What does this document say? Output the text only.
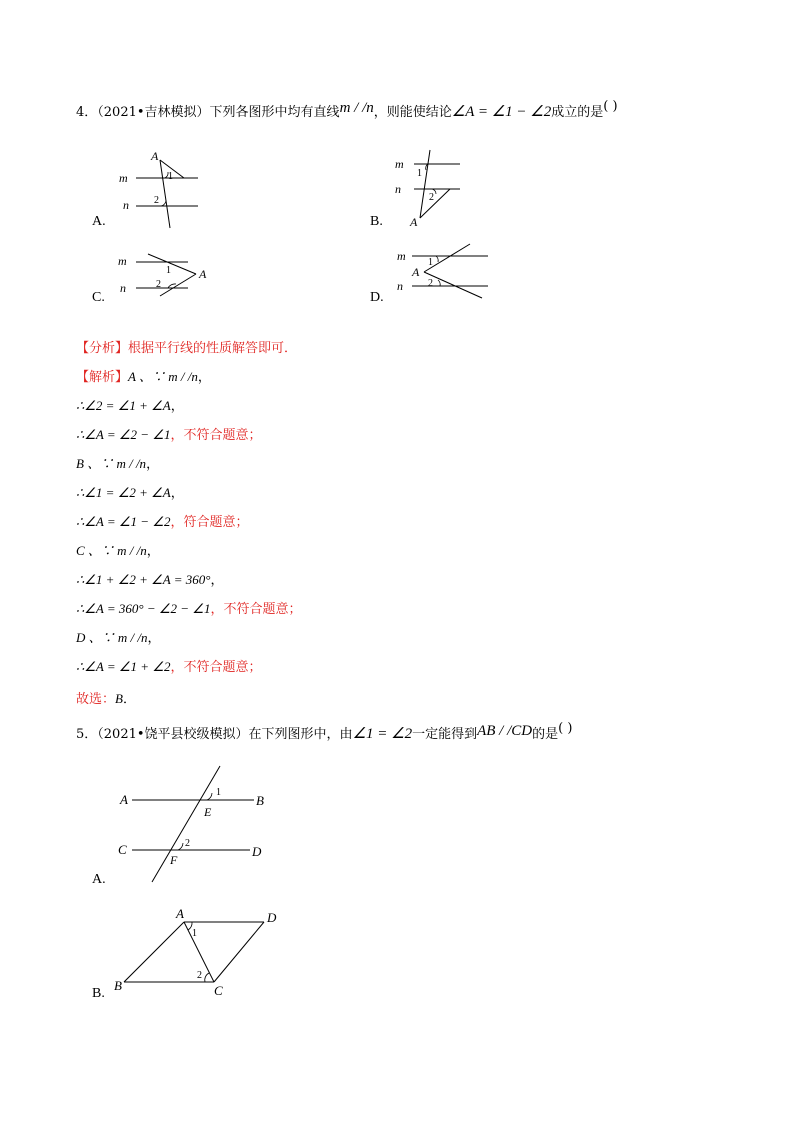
4．（2021•吉林模拟）下列各图形中均有直线m / /n，则能使结论∠A = ∠1 − ∠2成立的是( )
A.
A
m
n
1
2
B.
m
n
1
2
A
C.
m
n
1
2
A
D.
m
A
n
1
2
【分析】根据平行线的性质解答即可．
【解析】A 、∵ m / /n，
∴∠2 = ∠1 + ∠A，
∴∠A = ∠2 − ∠1，不符合题意；
B 、∵ m / /n，
∴∠1 = ∠2 + ∠A，
∴∠A = ∠1 − ∠2，符合题意；
C 、∵ m / /n，
∴∠1 + ∠2 + ∠A = 360°，
∴∠A = 360° − ∠2 − ∠1，不符合题意；
D 、∵ m / /n，
∴∠A = ∠1 + ∠2，不符合题意；
故选：B．
5．（2021•饶平县校级模拟）在下列图形中，由∠1 = ∠2一定能得到AB / /CD的是( )
A.
A	B
C	D
E
F
1
2
B.
A	D
B	C
1
2
